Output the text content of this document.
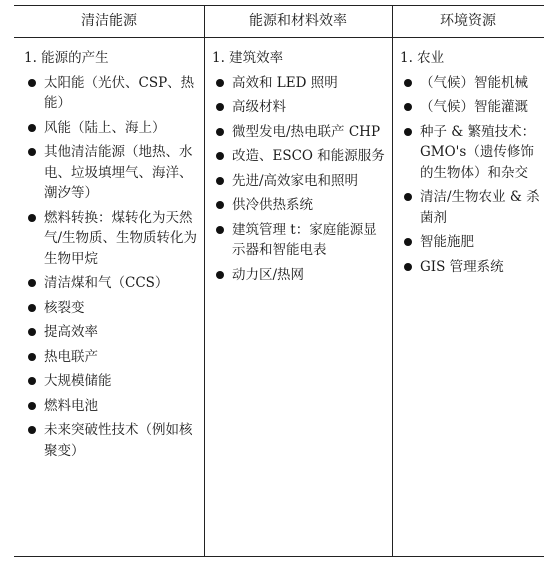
清洁能源	能源和材料效率	环境资源
1. 能源的产生
太阳能（光伏、CSP、热能）
风能（陆上、海上）
其他清洁能源（地热、水电、垃圾填埋气、海洋、潮汐等）
燃料转换：煤转化为天然气/生物质、生物质转化为生物甲烷
清洁煤和气（CCS）
核裂变
提高效率
热电联产
大规模储能
燃料电池
未来突破性技术（例如核聚变）
1. 建筑效率
高效和 LED 照明
高级材料
微型发电/热电联产 CHP
改造、ESCO 和能源服务
先进/高效家电和照明
供冷供热系统
建筑管理 t：家庭能源显示器和智能电表
动力区/热网
1. 农业
（气候）智能机械
（气候）智能灌溉
种子 & 繁殖技术：GMO's（遗传修饰的生物体）和杂交
清洁/生物农业 & 杀菌剂
智能施肥
GIS 管理系统
